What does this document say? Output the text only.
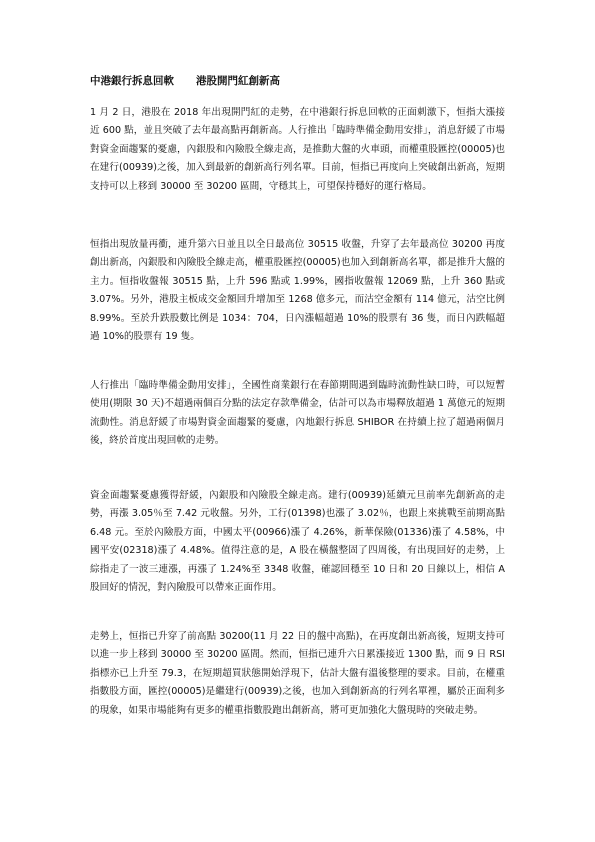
中港銀行拆息回軟 港股開門紅創新高

1 月 2 日，港股在 2018 年出現開門紅的走勢，在中港銀行拆息回軟的正面刺激下，恒指大漲接近 600 點，並且突破了去年最高點再創新高。人行推出「臨時準備金動用安排」，消息舒緩了市場對資金面趨緊的憂慮，內銀股和內險股全線走高，是推動大盤的火車頭，而權重股匯控(00005)也在建行(00939)之後，加入到最新的創新高行列名單。目前，恒指已再度向上突破創出新高，短期支持可以上移到 30000 至 30200 區間，守穩其上，可望保持穩好的運行格局。

恒指出現放量再衝，連升第六日並且以全日最高位 30515 收盤，升穿了去年最高位 30200 再度創出新高，內銀股和內險股全線走高，權重股匯控(00005)也加入到創新高名單，都是推升大盤的主力。恒指收盤報 30515 點，上升 596 點或 1.99%，國指收盤報 12069 點，上升 360 點或 3.07%。另外，港股主板成交金額回升增加至 1268 億多元，而沽空金額有 114 億元，沽空比例 8.99%。至於升跌股數比例是 1034：704，日內漲幅超過 10%的股票有 36 隻，而日內跌幅超過 10%的股票有 19 隻。

人行推出「臨時準備金動用安排」，全國性商業銀行在春節期間遇到臨時流動性缺口時，可以短暫使用(期限 30 天)不超過兩個百分點的法定存款準備金，估計可以為市場釋放超過 1 萬億元的短期流動性。消息舒緩了市場對資金面趨緊的憂慮，內地銀行拆息 SHIBOR 在持續上拉了超過兩個月後，終於首度出現回軟的走勢。

資金面趨緊憂慮獲得舒緩，內銀股和內險股全線走高。建行(00939)延續元旦前率先創新高的走勢，再漲 3.05％至 7.42 元收盤。另外，工行(01398)也漲了 3.02％，也跟上來挑戰至前期高點 6.48 元。至於內險股方面，中國太平(00966)漲了 4.26%，新華保險(01336)漲了 4.58%，中國平安(02318)漲了 4.48%。值得注意的是，A 股在橫盤整固了四周後，有出現回好的走勢，上綜指走了一波三連漲，再漲了 1.24%至 3348 收盤，確認回穩至 10 日和 20 日線以上，相信 A 股回好的情況，對內險股可以帶來正面作用。

走勢上，恒指已升穿了前高點 30200(11 月 22 日的盤中高點)，在再度創出新高後，短期支持可以進一步上移到 30000 至 30200 區間。然而，恒指已連升六日累漲接近 1300 點，而 9 日 RSI 指標亦已上升至 79.3，在短期超買狀態開始浮現下，估計大盤有溫後整理的要求。目前，在權重指數股方面，匯控(00005)是繼建行(00939)之後，也加入到創新高的行列名單裡，屬於正面利多的現象，如果市場能夠有更多的權重指數股跑出創新高，將可更加強化大盤現時的突破走勢。
